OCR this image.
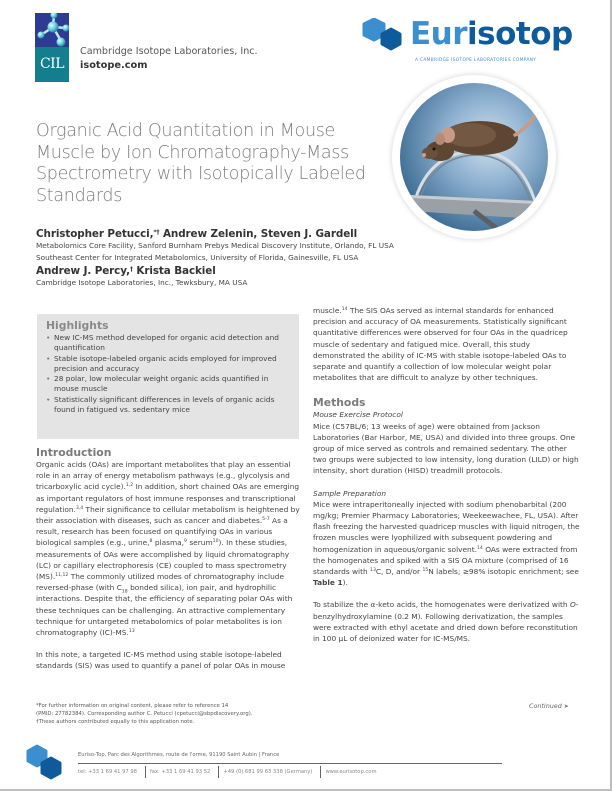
CIL
Cambridge Isotope Laboratories, Inc.
isotope.com
Eurisotop
A CAMBRIDGE ISOTOPE LABORATORIES COMPANY
Organic Acid Quantitation in Mouse Muscle by Ion Chromatography-Mass Spectrometry with Isotopically Labeled Standards
Christopher Petucci,*† Andrew Zelenin, Steven J. Gardell
Metabolomics Core Facility, Sanford Burnham Prebys Medical Discovery Institute, Orlando, FL USA
Southeast Center for Integrated Metabolomics, University of Florida, Gainesville, FL USA
Andrew J. Percy,† Krista Backiel
Cambridge Isotope Laboratories, Inc., Tewksbury, MA USA
Highlights
• New IC-MS method developed for organic acid detection and quantification
• Stable isotope-labeled organic acids employed for improved precision and accuracy
• 28 polar, low molecular weight organic acids quantified in mouse muscle
• Statistically significant differences in levels of organic acids found in fatigued vs. sedentary mice
Introduction

Organic acids (OAs) are important metabolites that play an essential role in an array of energy metabolism pathways (e.g., glycolysis and tricarboxylic acid cycle).$^{1,2}$ In addition, short chained OAs are emerging as important regulators of host immune responses and transcriptional regulation.$^{3,4}$ Their significance to cellular metabolism is heightened by their association with diseases, such as cancer and diabetes.$^{5-7}$ As a result, research has been focused on quantifying OAs in various biological samples (e.g., urine,$^8$ plasma,$^9$ serum$^{10}$). In these studies, measurements of OAs were accomplished by liquid chromatography (LC) or capillary electrophoresis (CE) coupled to mass spectrometry (MS).$^{11,12}$ The commonly utilized modes of chromatography include reversed-phase (with $C_{18}$ bonded silica), ion pair, and hydrophilic interactions. Despite that, the efficiency of separating polar OAs with these techniques can be challenging. An attractive complementary technique for untargeted metabolomics of polar metabolites is ion chromatography (IC)-MS.$^{13}$

In this note, a targeted IC-MS method using stable isotope-labeled standards (SIS) was used to quantify a panel of polar OAs in mouse

muscle.$^{14}$ The SIS OAs served as internal standards for enhanced precision and accuracy of OA measurements. Statistically significant quantitative differences were observed for four OAs in the quadricep muscle of sedentary and fatigued mice. Overall, this study demonstrated the ability of IC-MS with stable isotope-labeled OAs to separate and quantify a collection of low molecular weight polar metabolites that are difficult to analyze by other techniques.

Methods
Mouse Exercise Protocol

Mice (C57BL/6; 13 weeks of age) were obtained from Jackson Laboratories (Bar Harbor, ME, USA) and divided into three groups. One group of mice served as controls and remained sedentary. The other two groups were subjected to low intensity, long duration (LILD) or high intensity, short duration (HISD) treadmill protocols.

Sample Preparation

Mice were intraperitoneally injected with sodium phenobarbital (200 mg/kg; Premier Pharmacy Laboratories; Weekeewachee, FL, USA). After flash freezing the harvested quadricep muscles with liquid nitrogen, the frozen muscles were lyophilized with subsequent powdering and homogenization in aqueous/organic solvent.$^{14}$ OAs were extracted from the homogenates and spiked with a SIS OA mixture (comprised of 16 standards with $^{13}$C, D, and/or $^{15}$N labels; ≥98% isotopic enrichment; see Table 1).

To stabilize the α-keto acids, the homogenates were derivatized with O-benzylhydroxylamine (0.2 M). Following derivatization, the samples were extracted with ethyl acetate and dried down before reconstitution in 100 µL of deionized water for IC-MS/MS.

Continued ➤
*For further information on original content, please refer to reference 14
(PMID: 27782384). Corresponding author C. Petucci (cpetucci@sbpdiscovery.org).
†These authors contributed equally to this application note.
Eurisо-Top, Parc des Algorithmes, route de l'orme, 91190 Saint Aubin | France
tel: +33 1 69 41 97 98	fax: +33 1 69 41 93 52	+49 (0) 681 99 63 338 (Germany)	www.eurisotop.com
